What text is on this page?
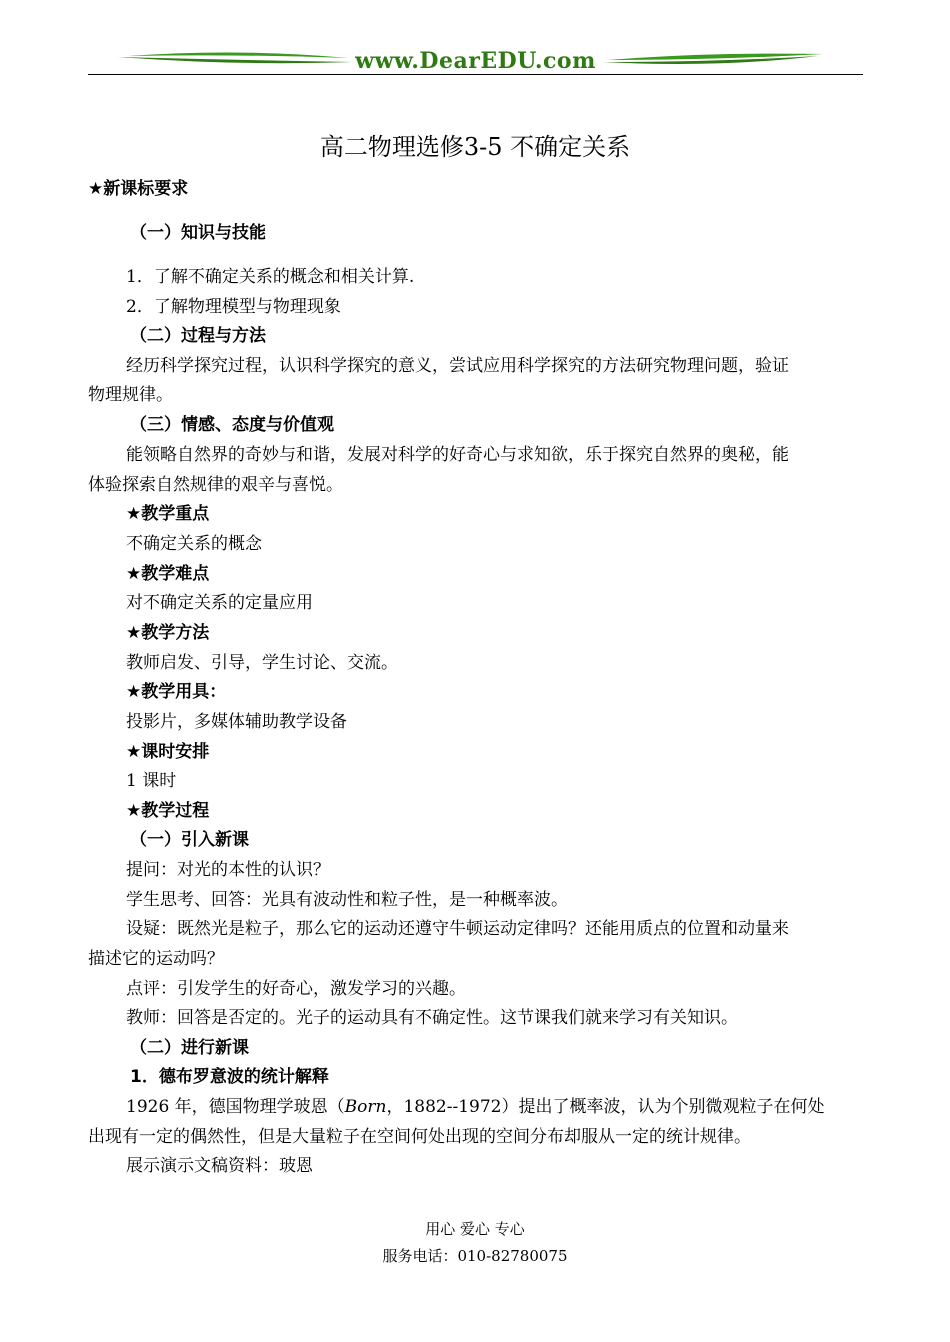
www.DearEDU.com
高二物理选修3-5 不确定关系
★新课标要求
（一）知识与技能
1．了解不确定关系的概念和相关计算.
2．了解物理模型与物理现象
（二）过程与方法
经历科学探究过程，认识科学探究的意义，尝试应用科学探究的方法研究物理问题，验证
物理规律。
（三）情感、态度与价值观
能领略自然界的奇妙与和谐，发展对科学的好奇心与求知欲，乐于探究自然界的奥秘，能
体验探索自然规律的艰辛与喜悦。
★教学重点
不确定关系的概念
★教学难点
对不确定关系的定量应用
★教学方法
教师启发、引导，学生讨论、交流。
★教学用具：
投影片，多媒体辅助教学设备
★课时安排
1 课时
★教学过程
（一）引入新课
提问：对光的本性的认识？
学生思考、回答：光具有波动性和粒子性，是一种概率波。
设疑：既然光是粒子，那么它的运动还遵守牛顿运动定律吗？还能用质点的位置和动量来
描述它的运动吗？
点评：引发学生的好奇心，激发学习的兴趣。
教师：回答是否定的。光子的运动具有不确定性。这节课我们就来学习有关知识。
（二）进行新课
1．德布罗意波的统计解释
1926 年，德国物理学玻恩（Born，1882--1972）提出了概率波，认为个别微观粒子在何处
出现有一定的偶然性，但是大量粒子在空间何处出现的空间分布却服从一定的统计规律。
展示演示文稿资料：玻恩
用心 爱心 专心
服务电话：010-82780075
